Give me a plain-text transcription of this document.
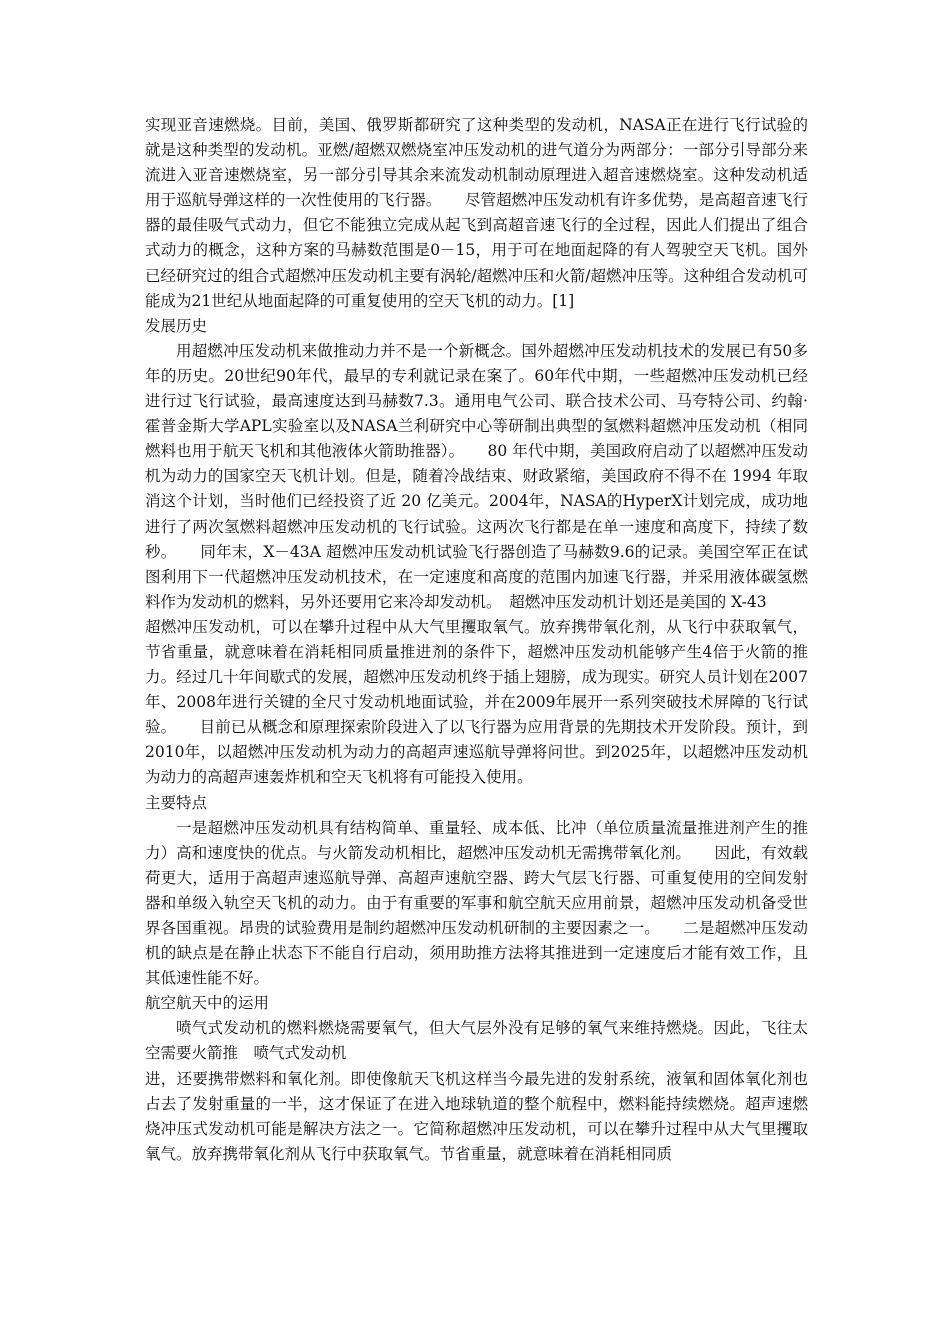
实现亚音速燃烧。目前，美国、俄罗斯都研究了这种类型的发动机，NASA正在进行飞行试验的就是这种类型的发动机。亚燃/超燃双燃烧室冲压发动机的进气道分为两部分：一部分引导部分来流进入亚音速燃烧室，另一部分引导其余来流发动机制动原理进入超音速燃烧室。这种发动机适用于巡航导弹这样的一次性使用的飞行器。　　尽管超燃冲压发动机有许多优势，是高超音速飞行器的最佳吸气式动力，但它不能独立完成从起飞到高超音速飞行的全过程，因此人们提出了组合式动力的概念，这种方案的马赫数范围是0－15，用于可在地面起降的有人驾驶空天飞机。国外已经研究过的组合式超燃冲压发动机主要有涡轮/超燃冲压和火箭/超燃冲压等。这种组合发动机可能成为21世纪从地面起降的可重复使用的空天飞机的动力。[1]

发展历史

用超燃冲压发动机来做推动力并不是一个新概念。国外超燃冲压发动机技术的发展已有50多年的历史。20世纪90年代，最早的专利就记录在案了。60年代中期，一些超燃冲压发动机已经进行过飞行试验，最高速度达到马赫数7.3。通用电气公司、联合技术公司、马夸特公司、约翰·霍普金斯大学APL实验室以及NASA兰利研究中心等研制出典型的氢燃料超燃冲压发动机（相同燃料也用于航天飞机和其他液体火箭助推器）。　　80 年代中期，美国政府启动了以超燃冲压发动机为动力的国家空天飞机计划。但是，随着冷战结束、财政紧缩，美国政府不得不在 1994 年取消这个计划，当时他们已经投资了近 20 亿美元。2004年，NASA的HyperX计划完成，成功地进行了两次氢燃料超燃冲压发动机的飞行试验。这两次飞行都是在单一速度和高度下，持续了数秒。　　同年末，X－43A 超燃冲压发动机试验飞行器创造了马赫数9.6的记录。美国空军正在试图利用下一代超燃冲压发动机技术，在一定速度和高度的范围内加速飞行器，并采用液体碳氢燃料作为发动机的燃料，另外还要用它来冷却发动机。　超燃冲压发动机计划还是美国的 X-43

超燃冲压发动机，可以在攀升过程中从大气里攫取氧气。放弃携带氧化剂，从飞行中获取氧气，节省重量，就意味着在消耗相同质量推进剂的条件下，超燃冲压发动机能够产生4倍于火箭的推力。经过几十年间歇式的发展，超燃冲压发动机终于插上翅膀，成为现实。研究人员计划在2007年、2008年进行关键的全尺寸发动机地面试验，并在2009年展开一系列突破技术屏障的飞行试验。　　目前已从概念和原理探索阶段进入了以飞行器为应用背景的先期技术开发阶段。预计，到2010年，以超燃冲压发动机为动力的高超声速巡航导弹将问世。到2025年，以超燃冲压发动机为动力的高超声速轰炸机和空天飞机将有可能投入使用。

主要特点

一是超燃冲压发动机具有结构简单、重量轻、成本低、比冲（单位质量流量推进剂产生的推力）高和速度快的优点。与火箭发动机相比，超燃冲压发动机无需携带氧化剂。　　因此，有效载荷更大，适用于高超声速巡航导弹、高超声速航空器、跨大气层飞行器、可重复使用的空间发射器和单级入轨空天飞机的动力。由于有重要的军事和航空航天应用前景，超燃冲压发动机备受世界各国重视。昂贵的试验费用是制约超燃冲压发动机研制的主要因素之一。　　二是超燃冲压发动机的缺点是在静止状态下不能自行启动，须用助推方法将其推进到一定速度后才能有效工作，且其低速性能不好。

航空航天中的运用

喷气式发动机的燃料燃烧需要氧气，但大气层外没有足够的氧气来维持燃烧。因此，飞往太空需要火箭推　喷气式发动机

进，还要携带燃料和氧化剂。即使像航天飞机这样当今最先进的发射系统，液氧和固体氧化剂也占去了发射重量的一半，这才保证了在进入地球轨道的整个航程中，燃料能持续燃烧。超声速燃烧冲压式发动机可能是解决方法之一。它简称超燃冲压发动机，可以在攀升过程中从大气里攫取氧气。放弃携带氧化剂从飞行中获取氧气。节省重量，就意味着在消耗相同质
